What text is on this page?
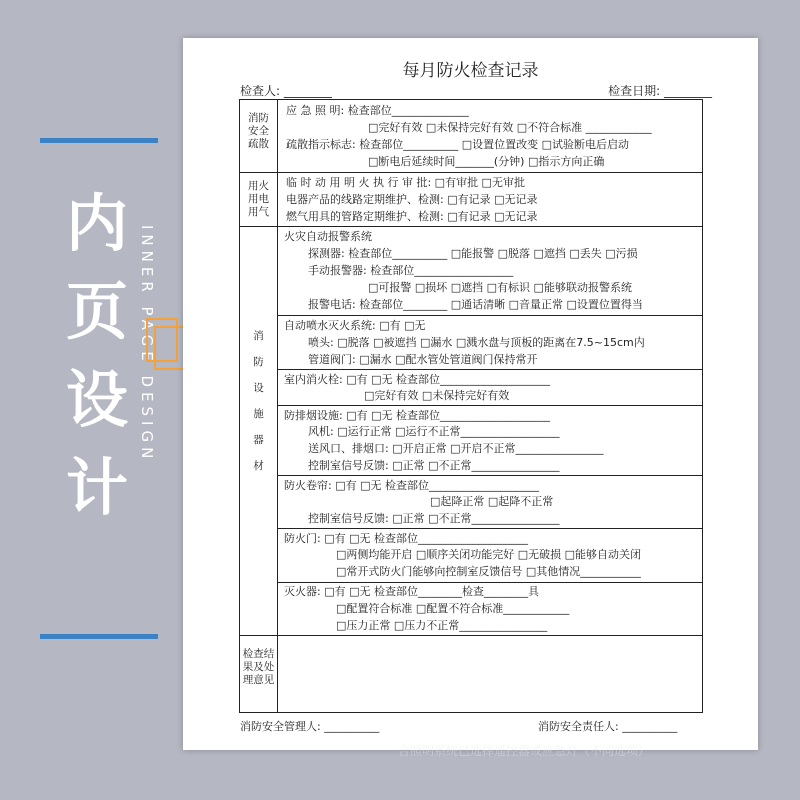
内
页
设
计
INNER PAGE DESIGN
每月防火检查记录
检查人: ________	检查日期: ________
消防
安全
疏散
用火
用电
用气
消

防

设

施

器

材
检查结
果及处
理意见
应 急 照 明: 检查部位______________
□完好有效 □未保持完好有效 □不符合标准 ____________
疏散指示标志: 检查部位__________ □设置位置改变 □试验断电后启动
□断电后延续时间_______(分钟) □指示方向正确
临 时 动 用 明 火 执 行 审 批: □有审批 □无审批
电器产品的线路定期维护、检测: □有记录 □无记录
燃气用具的管路定期维护、检测: □有记录 □无记录
火灾自动报警系统
探测器: 检查部位__________ □能报警 □脱落 □遮挡 □丢失 □污损
手动报警器: 检查部位__________________
□可报警 □损坏 □遮挡 □有标识 □能够联动报警系统
报警电话: 检查部位________ □通话清晰 □音量正常 □设置位置得当
自动喷水灭火系统: □有 □无
喷头: □脱落 □被遮挡 □漏水 □溅水盘与顶板的距离在7.5~15cm内
管道阀门: □漏水 □配水管处管道阀门保持常开
室内消火栓: □有 □无 检查部位____________________
□完好有效 □未保持完好有效
防排烟设施: □有 □无 检查部位____________________
风机: □运行正常 □运行不正常__________________
送风口、排烟口: □开启正常 □开启不正常________________
控制室信号反馈: □正常 □不正常________________
防火卷帘: □有 □无 检查部位____________________
□起降正常 □起降不正常
控制室信号反馈: □正常 □不正常________________
防火门: □有 □无 检查部位____________________
□两侧均能开启 □顺序关闭功能完好 □无破损 □能够自动关闭
□常开式防火门能够向控制室反馈信号 □其他情况___________
灭火器: □有 □无 检查部位________检查________具
□配置符合标准 □配置不符合标准____________
□压力正常 □压力不正常________________
消防安全管理人: __________	消防安全责任人: __________
合照明系统已选择遥控器或应急灯（不同选项）
